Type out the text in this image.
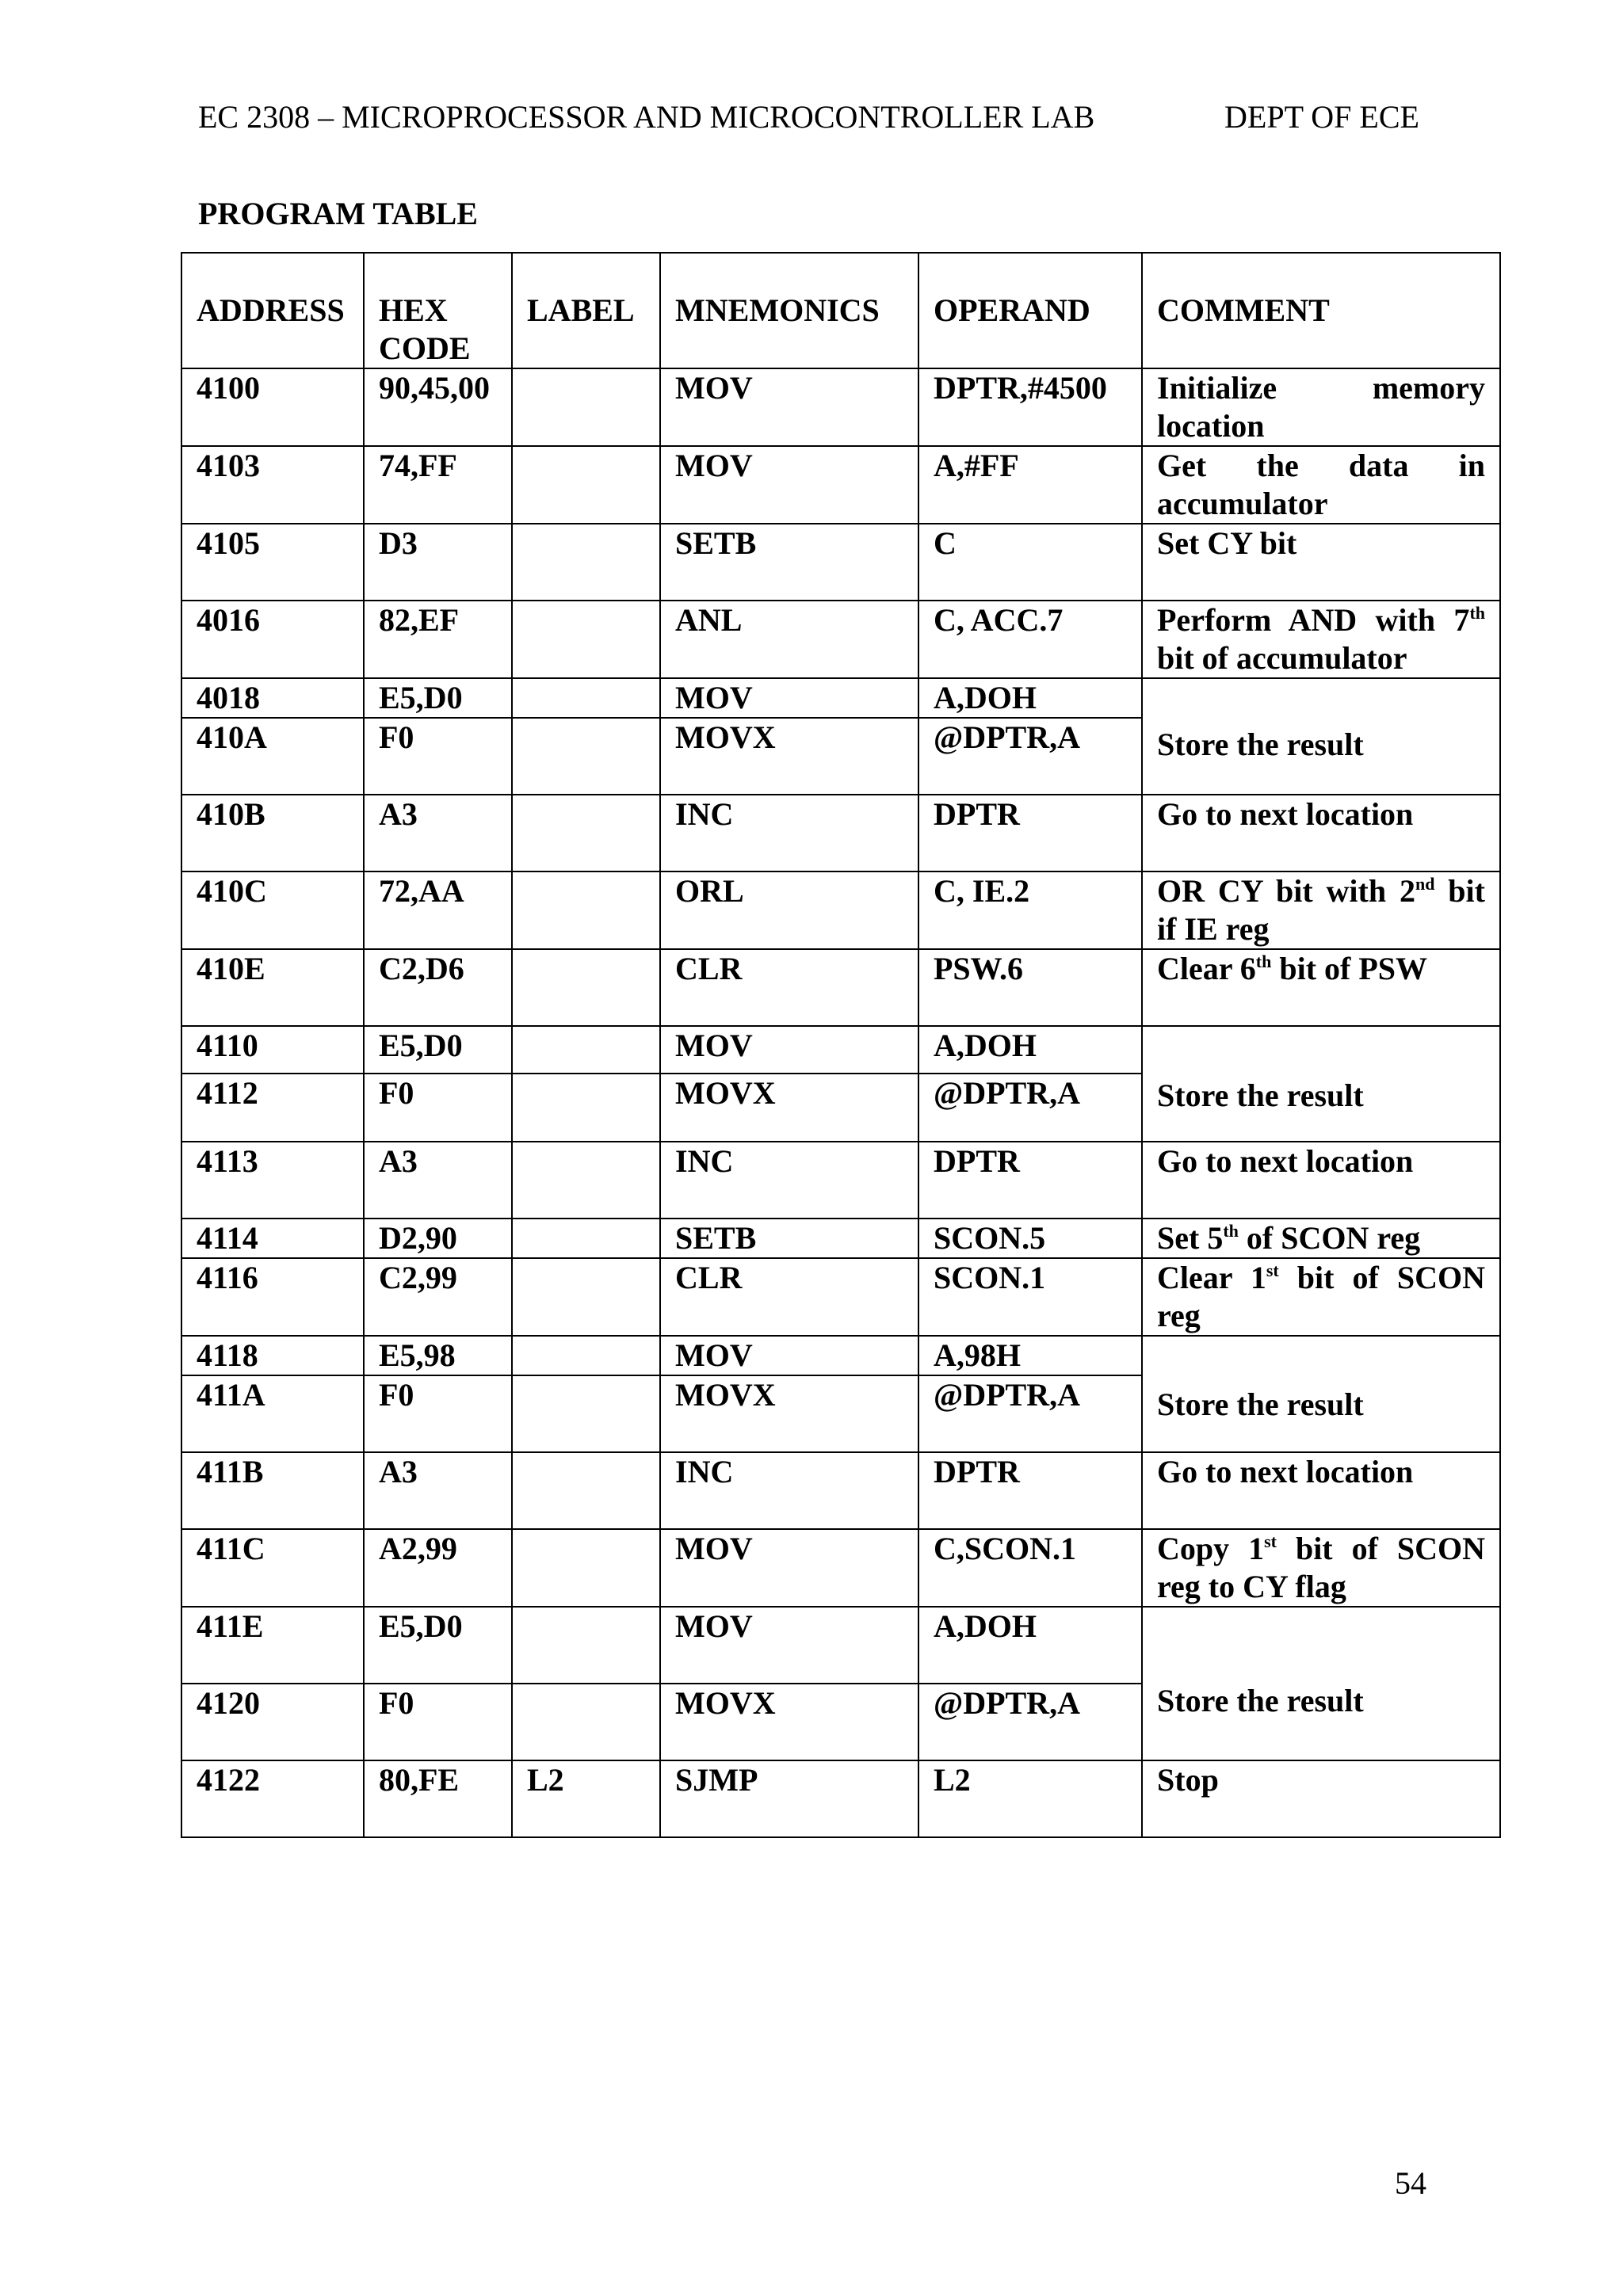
EC 2308 – MICROPROCESSOR AND MICROCONTROLLER LAB	DEPT OF ECE
PROGRAM TABLE
ADDRESS	HEX CODE	LABEL	MNEMONICS	OPERAND	COMMENT
4100	90,45,00		MOV	DPTR,#4500	Initialize memory location
4103	74,FF		MOV	A,#FF	Get the data in accumulator
4105	D3		SETB	C	Set CY bit
4016	82,EF		ANL	C, ACC.7	Perform AND with 7th bit of accumulator
4018	E5,D0		MOV	A,DOH	Store the result
410A	F0		MOVX	@DPTR,A	
410B	A3		INC	DPTR	Go to next location
410C	72,AA		ORL	C, IE.2	OR CY bit with 2nd bit if IE reg
410E	C2,D6		CLR	PSW.6	Clear 6th bit of PSW
4110	E5,D0		MOV	A,DOH	Store the result
4112	F0		MOVX	@DPTR,A	
4113	A3		INC	DPTR	Go to next location
4114	D2,90		SETB	SCON.5	Set 5th of SCON reg
4116	C2,99		CLR	SCON.1	Clear 1st bit of SCON reg
4118	E5,98		MOV	A,98H	Store the result
411A	F0		MOVX	@DPTR,A	
411B	A3		INC	DPTR	Go to next location
411C	A2,99		MOV	C,SCON.1	Copy 1st bit of SCON reg to CY flag
411E	E5,D0		MOV	A,DOH	Store the result
4120	F0		MOVX	@DPTR,A	
4122	80,FE	L2	SJMP	L2	Stop
54
